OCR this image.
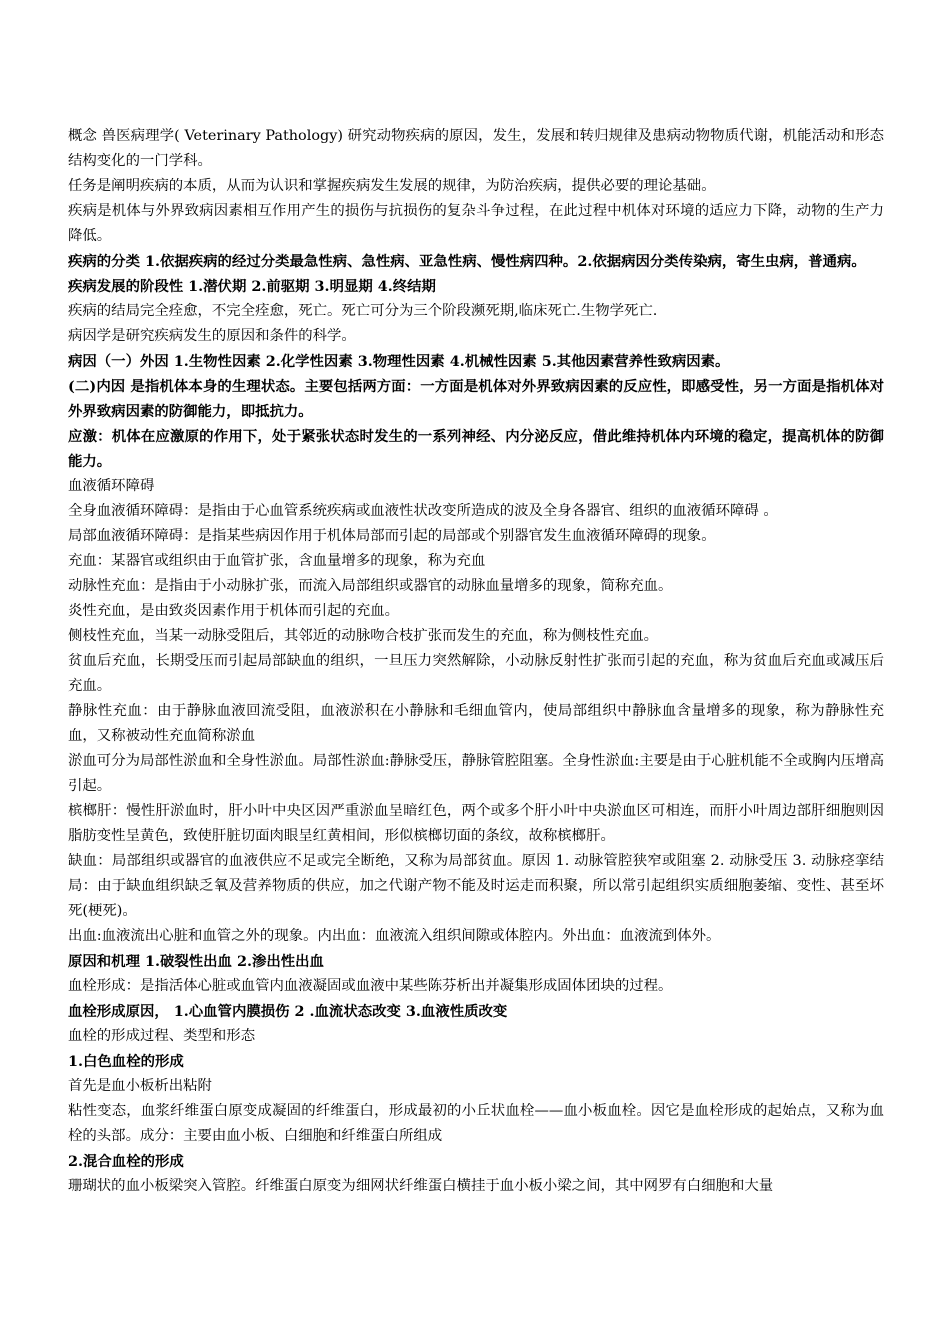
概念 兽医病理学( Veterinary Pathology) 研究动物疾病的原因，发生，发展和转归规律及患病动物物质代谢，机能活动和形态结构变化的一门学科。

任务是阐明疾病的本质，从而为认识和掌握疾病发生发展的规律，为防治疾病，提供必要的理论基础。

疾病是机体与外界致病因素相互作用产生的损伤与抗损伤的复杂斗争过程，在此过程中机体对环境的适应力下降，动物的生产力降低。

疾病的分类 1.依据疾病的经过分类最急性病、急性病、亚急性病、慢性病四种。2.依据病因分类传染病，寄生虫病，普通病。

疾病发展的阶段性 1.潜伏期 2.前驱期 3.明显期 4.终结期

疾病的结局完全痊愈，不完全痊愈，死亡。死亡可分为三个阶段濒死期,临床死亡.生物学死亡.

病因学是研究疾病发生的原因和条件的科学。

病因（一）外因 1.生物性因素 2.化学性因素 3.物理性因素 4.机械性因素 5.其他因素营养性致病因素。

(二)内因 是指机体本身的生理状态。主要包括两方面：一方面是机体对外界致病因素的反应性，即感受性，另一方面是指机体对外界致病因素的防御能力，即抵抗力。

应激：机体在应激原的作用下，处于紧张状态时发生的一系列神经、内分泌反应，借此维持机体内环境的稳定，提高机体的防御能力。

血液循环障碍

全身血液循环障碍：是指由于心血管系统疾病或血液性状改变所造成的波及全身各器官、组织的血液循环障碍 。

局部血液循环障碍：是指某些病因作用于机体局部而引起的局部或个别器官发生血液循环障碍的现象。

充血：某器官或组织由于血管扩张，含血量增多的现象，称为充血

动脉性充血：是指由于小动脉扩张，而流入局部组织或器官的动脉血量增多的现象，简称充血。

炎性充血，是由致炎因素作用于机体而引起的充血。

侧枝性充血，当某一动脉受阻后，其邻近的动脉吻合枝扩张而发生的充血，称为侧枝性充血。

贫血后充血，长期受压而引起局部缺血的组织，一旦压力突然解除，小动脉反射性扩张而引起的充血，称为贫血后充血或减压后充血。

静脉性充血：由于静脉血液回流受阻，血液淤积在小静脉和毛细血管内，使局部组织中静脉血含量增多的现象，称为静脉性充血，又称被动性充血简称淤血

淤血可分为局部性淤血和全身性淤血。局部性淤血:静脉受压，静脉管腔阻塞。全身性淤血:主要是由于心脏机能不全或胸内压增高引起。

槟榔肝：慢性肝淤血时，肝小叶中央区因严重淤血呈暗红色，两个或多个肝小叶中央淤血区可相连，而肝小叶周边部肝细胞则因脂肪变性呈黄色，致使肝脏切面肉眼呈红黄相间，形似槟榔切面的条纹，故称槟榔肝。

缺血：局部组织或器官的血液供应不足或完全断绝，又称为局部贫血。原因 1. 动脉管腔狭窄或阻塞 2. 动脉受压 3. 动脉痉挛结局：由于缺血组织缺乏氧及营养物质的供应，加之代谢产物不能及时运走而积聚，所以常引起组织实质细胞萎缩、变性、甚至坏死(梗死)。

出血:血液流出心脏和血管之外的现象。内出血：血液流入组织间隙或体腔内。外出血：血液流到体外。

原因和机理 1.破裂性出血 2.渗出性出血

血栓形成：是指活体心脏或血管内血液凝固或血液中某些陈芬析出并凝集形成固体团块的过程。

血栓形成原因， 1.心血管内膜损伤 2 .血流状态改变 3.血液性质改变

血栓的形成过程、类型和形态

1.白色血栓的形成

首先是血小板析出粘附

粘性变态，血浆纤维蛋白原变成凝固的纤维蛋白，形成最初的小丘状血栓——血小板血栓。因它是血栓形成的起始点，又称为血栓的头部。成分：主要由血小板、白细胞和纤维蛋白所组成

2.混合血栓的形成

珊瑚状的血小板梁突入管腔。纤维蛋白原变为细网状纤维蛋白横挂于血小板小梁之间，其中网罗有白细胞和大量
